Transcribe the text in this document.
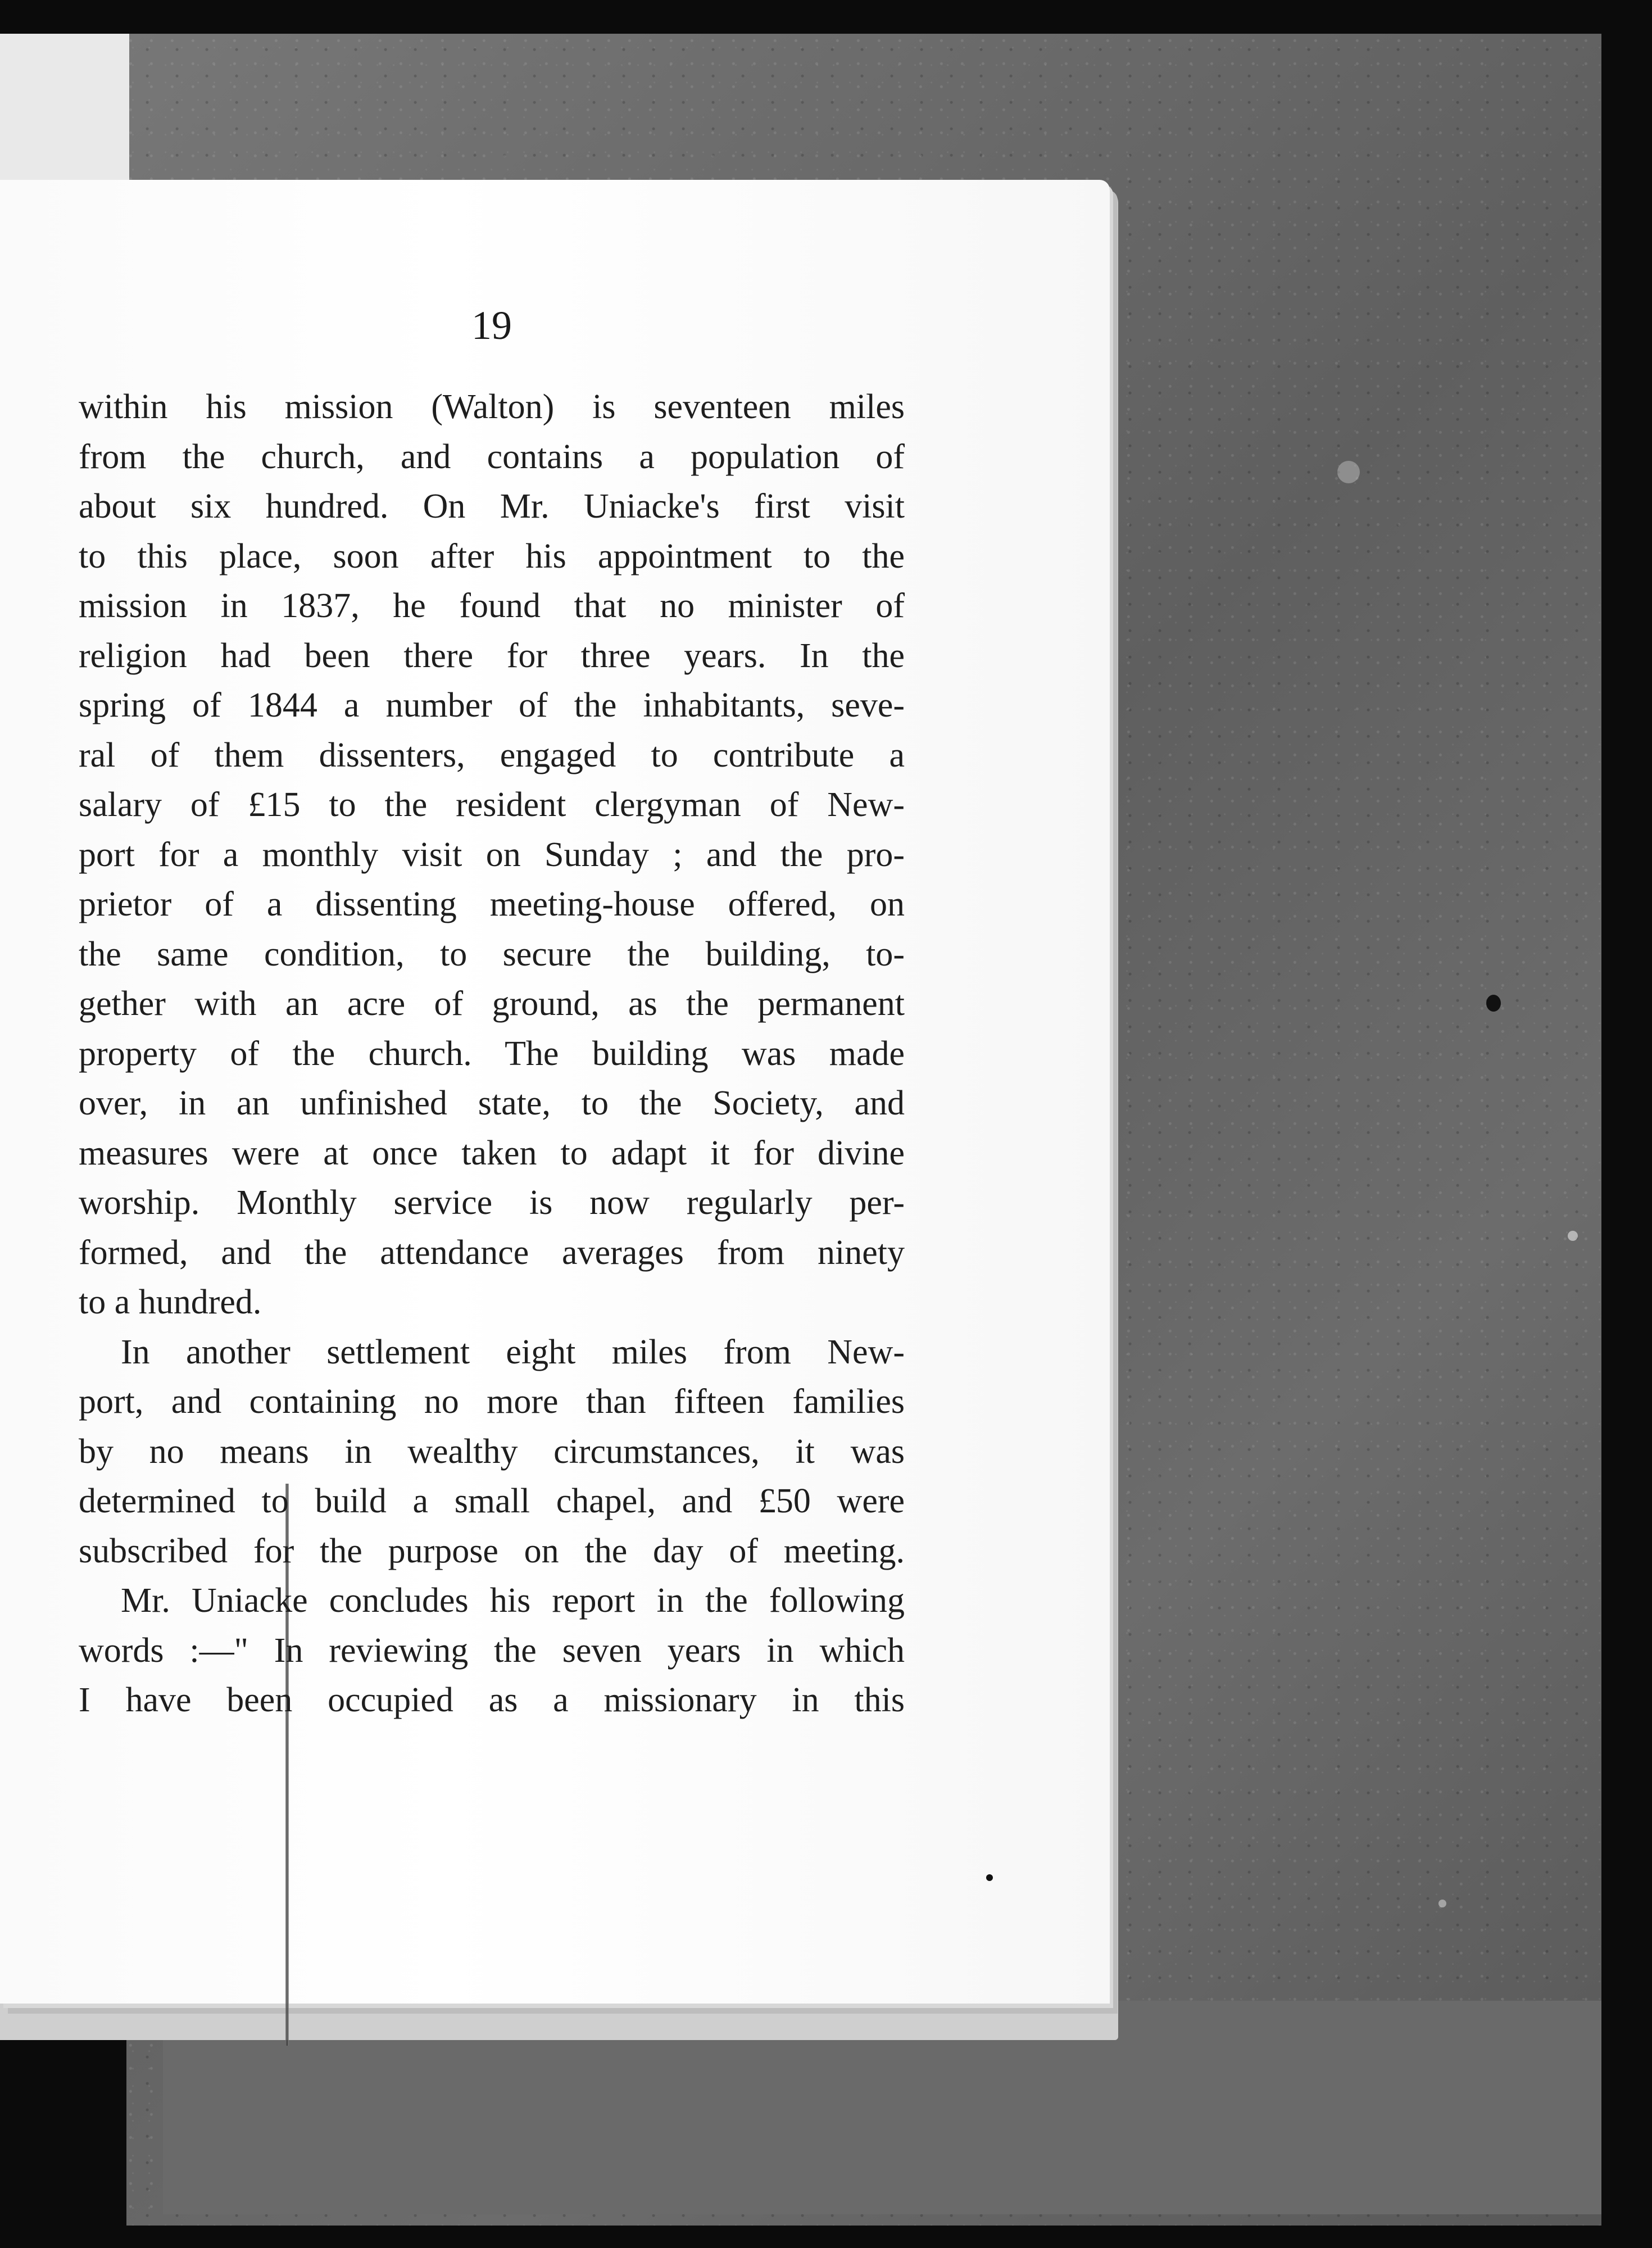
19
within his mission (Walton) is seventeen miles
from the church, and contains a population of
about six hundred. On Mr. Uniacke's first visit
to this place, soon after his appointment to the
mission in 1837, he found that no minister of
religion had been there for three years. In the
spring of 1844 a number of the inhabitants, seve-
ral of them dissenters, engaged to contribute a
salary of £15 to the resident clergyman of New-
port for a monthly visit on Sunday ; and the pro-
prietor of a dissenting meeting-house offered, on
the same condition, to secure the building, to-
gether with an acre of ground, as the permanent
property of the church. The building was made
over, in an unfinished state, to the Society, and
measures were at once taken to adapt it for divine
worship. Monthly service is now regularly per-
formed, and the attendance averages from ninety
to a hundred.
In another settlement eight miles from New-
port, and containing no more than fifteen families
by no means in wealthy circumstances, it was
determined to build a small chapel, and £50 were
subscribed for the purpose on the day of meeting.
Mr. Uniacke concludes his report in the following
words :—" In reviewing the seven years in which
I have been occupied as a missionary in this
